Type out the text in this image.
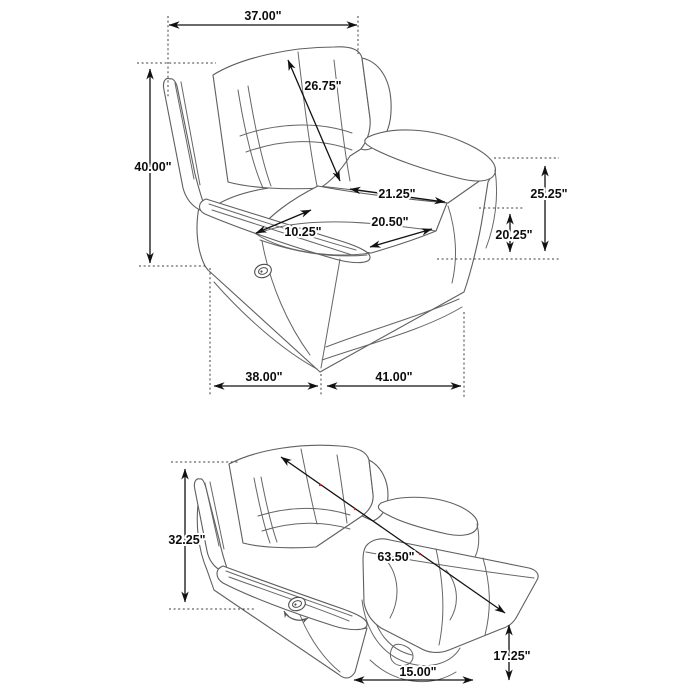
37.00"
26.75"
40.00"
21.25"
20.50"
10.25"
25.25"
20.25"
38.00"	41.00"
32.25"
63.50"
15.00"
17.25"
